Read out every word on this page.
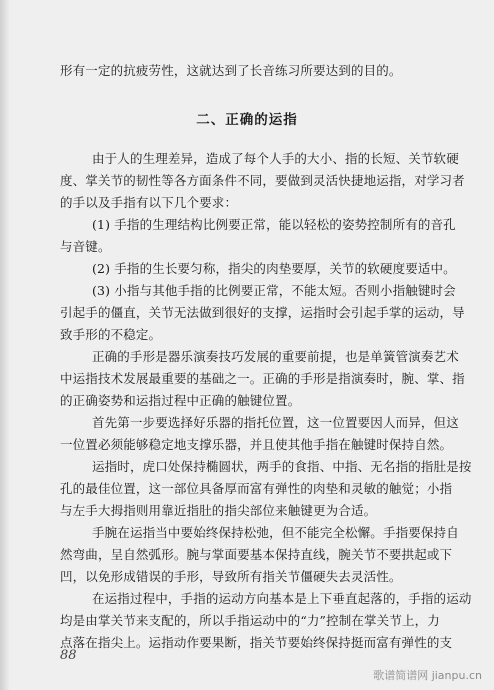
形有一定的抗疲劳性，这就达到了长音练习所要达到的目的。
二、正确的运指
由于人的生理差异，造成了每个人手的大小、指的长短、关节软硬
度、掌关节的韧性等各方面条件不同，要做到灵活快捷地运指，对学习者
的手以及手指有以下几个要求：
(1) 手指的生理结构比例要正常，能以轻松的姿势控制所有的音孔
与音键。
(2) 手指的生长要匀称，指尖的肉垫要厚，关节的软硬度要适中。
(3) 小指与其他手指的比例要正常，不能太短。否则小指触键时会
引起手的僵直，关节无法做到很好的支撑，运指时会引起手掌的运动，导
致手形的不稳定。
正确的手形是器乐演奏技巧发展的重要前提，也是单簧管演奏艺术
中运指技术发展最重要的基础之一。正确的手形是指演奏时，腕、掌、指
的正确姿势和运指过程中正确的触键位置。
首先第一步要选择好乐器的指托位置，这一位置要因人而异，但这
一位置必须能够稳定地支撑乐器，并且使其他手指在触键时保持自然。
运指时，虎口处保持椭圆状，两手的食指、中指、无名指的指肚是按
孔的最佳位置，这一部位具备厚而富有弹性的肉垫和灵敏的触觉；小指
与左手大拇指则用靠近指肚的指尖部位来触键更为合适。
手腕在运指当中要始终保持松弛，但不能完全松懈。手指要保持自
然弯曲，呈自然弧形。腕与掌面要基本保持直线，腕关节不要拱起或下
凹，以免形成错误的手形，导致所有指关节僵硬失去灵活性。
在运指过程中，手指的运动方向基本是上下垂直起落的，手指的运动
均是由掌关节来支配的，所以手指运动中的“力”控制在掌关节上，力
点落在指尖上。运指动作要果断，指关节要始终保持挺而富有弹性的支
88
歌谱简谱网 jianpu.cn
